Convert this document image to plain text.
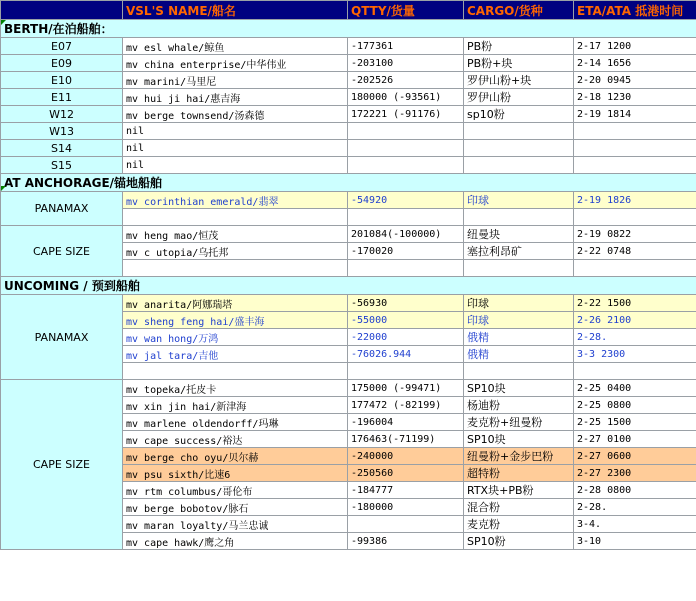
	VSL'S NAME/船名	QTTY/货量	CARGO/货种	ETA/ATA 抵港时间
BERTH/在泊船舶：				
E07	mv esl whale/鲸鱼	-177361	PB粉	2-17 1200
E09	mv china enterprise/中华伟业	-203100	PB粉+块	2-14 1656
E10	mv marini/马里尼	-202526	罗伊山粉+块	2-20 0945
E11	mv hui ji hai/惠吉海	180000 (-93561)	罗伊山粉	2-18 1230
W12	mv berge townsend/汤森德	172221 (-91176)	sp10粉	2-19 1814
W13	nil			
S14	nil			
S15	nil			
AT ANCHORAGE/锚地船舶				
PANAMAX	mv corinthian emerald/翡翠	-54920	印球	2-19 1826

CAPE SIZE	mv heng mao/恒茂	201084(-100000)	纽曼块	2-19 0822
	mv c utopia/乌托邦	-170020	塞拉利昂矿	2-22 0748

UNCOMING / 预到船舶				
PANAMAX	mv anarita/阿娜瑞塔	-56930	印球	2-22 1500
	mv sheng feng hai/盛丰海	-55000	印球	2-26 2100
	mv wan hong/万鸿	-22000	俄精	2-28.
	mv jal tara/吉他	-76026.944	俄精	3-3 2300

CAPE SIZE	mv topeka/托皮卡	175000 (-99471)	SP10块	2-25 0400
	mv xin jin hai/新津海	177472 (-82199)	杨迪粉	2-25 0800
	mv marlene oldendorff/玛琳	-196004	麦克粉+纽曼粉	2-25 1500
	mv cape success/裕达	176463(-71199)	SP10块	2-27 0100
	mv berge cho oyu/贝尔赫	-240000	纽曼粉+金步巴粉	2-27 0600
	mv psu sixth/比速6	-250560	超特粉	2-27 2300
	mv rtm columbus/哥伦布	-184777	RTX块+PB粉	2-28 0800
	mv berge bobotov/脉石	-180000	混合粉	2-28.
	mv maran loyalty/马兰忠诚		麦克粉	3-4.
	mv cape hawk/鹰之角	-99386	SP10粉	3-10
